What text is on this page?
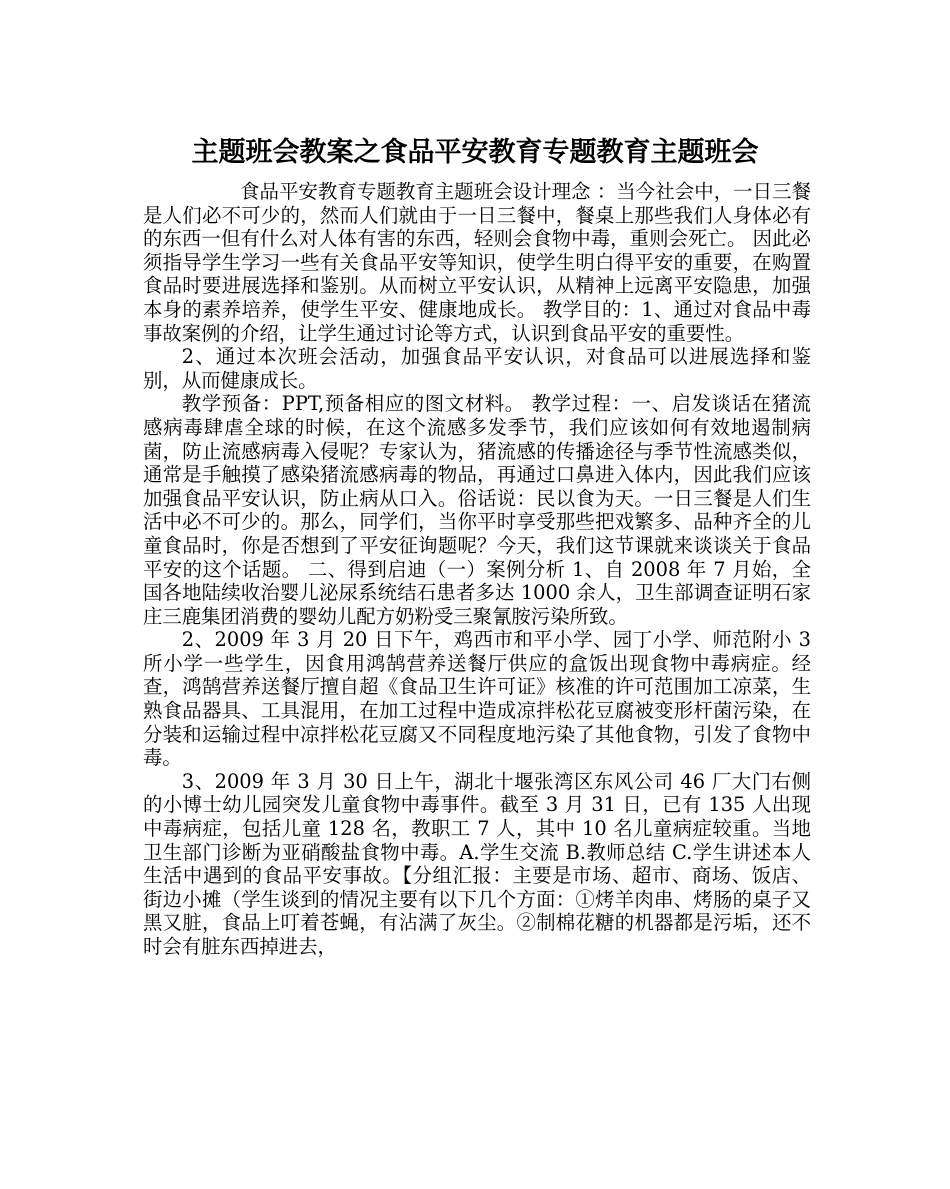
主题班会教案之食品平安教育专题教育主题班会

食品平安教育专题教育主题班会设计理念 ：当今社会中，一日三餐是人们必不可少的，然而人们就由于一日三餐中，餐桌上那些我们人身体必有的东西一但有什么对人体有害的东西，轻则会食物中毒，重则会死亡。 因此必须指导学生学习一些有关食品平安等知识，使学生明白得平安的重要，在购置食品时要进展选择和鉴别。从而树立平安认识，从精神上远离平安隐患，加强本身的素养培养，使学生平安、健康地成长。 教学目的：1、通过对食品中毒事故案例的介绍，让学生通过讨论等方式，认识到食品平安的重要性。

2、通过本次班会活动，加强食品平安认识，对食品可以进展选择和鉴别，从而健康成长。

教学预备：PPT,预备相应的图文材料。 教学过程：一、启发谈话在猪流感病毒肆虐全球的时候，在这个流感多发季节，我们应该如何有效地遏制病菌，防止流感病毒入侵呢？专家认为，猪流感的传播途径与季节性流感类似，通常是手触摸了感染猪流感病毒的物品，再通过口鼻进入体内，因此我们应该加强食品平安认识，防止病从口入。俗话说：民以食为天。一日三餐是人们生活中必不可少的。那么，同学们，当你平时享受那些把戏繁多、品种齐全的儿童食品时，你是否想到了平安征询题呢？今天，我们这节课就来谈谈关于食品平安的这个话题。 二、得到启迪（一）案例分析 1、自 2008 年 7 月始，全国各地陆续收治婴儿泌尿系统结石患者多达 1000 余人，卫生部调查证明石家庄三鹿集团消费的婴幼儿配方奶粉受三聚氰胺污染所致。

2、2009 年 3 月 20 日下午，鸡西市和平小学、园丁小学、师范附小 3 所小学一些学生，因食用鸿鹄营养送餐厅供应的盒饭出现食物中毒病症。经查，鸿鹄营养送餐厅擅自超《食品卫生许可证》核准的许可范围加工凉菜，生熟食品器具、工具混用，在加工过程中造成凉拌松花豆腐被变形杆菌污染，在分装和运输过程中凉拌松花豆腐又不同程度地污染了其他食物，引发了食物中毒。

3、2009 年 3 月 30 日上午，湖北十堰张湾区东风公司 46 厂大门右侧的小博士幼儿园突发儿童食物中毒事件。截至 3 月 31 日，已有 135 人出现中毒病症，包括儿童 128 名，教职工 7 人，其中 10 名儿童病症较重。当地卫生部门诊断为亚硝酸盐食物中毒。A.学生交流 B.教师总结 C.学生讲述本人生活中遇到的食品平安事故。【分组汇报：主要是市场、超市、商场、饭店、街边小摊（学生谈到的情况主要有以下几个方面：①烤羊肉串、烤肠的桌子又黑又脏，食品上叮着苍蝇，有沾满了灰尘。②制棉花糖的机器都是污垢，还不时会有脏东西掉进去，
